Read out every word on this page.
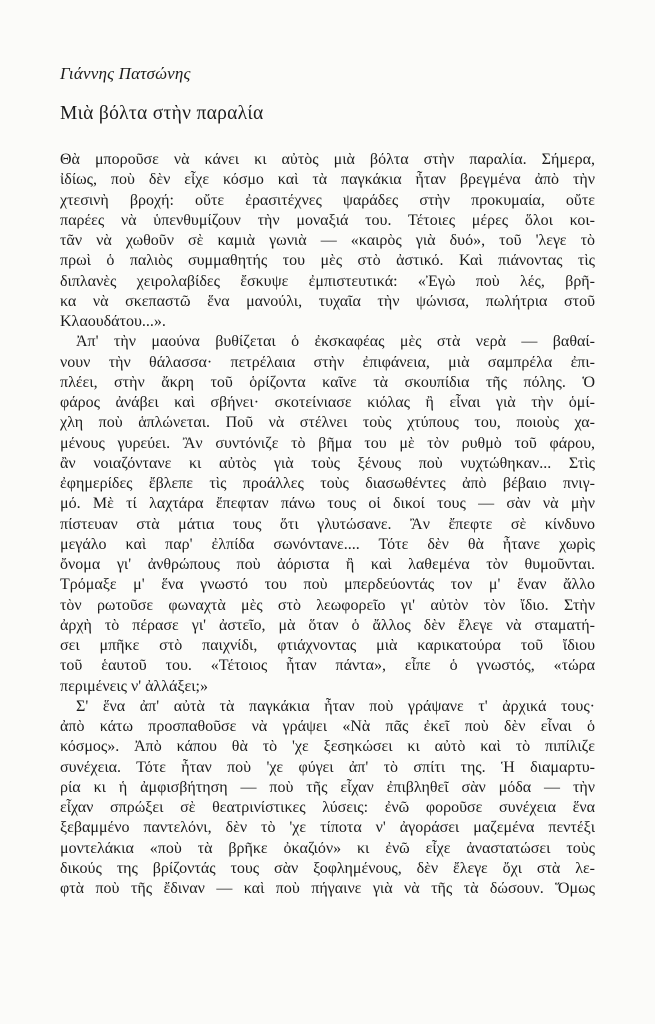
Γιάννης Πατσώνης
Μιὰ βόλτα στὴν παραλία
Θὰ μποροῦσε νὰ κάνει κι αὐτὸς μιὰ βόλτα στὴν παραλία. Σήμερα,
ἰδίως, ποὺ δὲν εἶχε κόσμο καὶ τὰ παγκάκια ἦταν βρεγμένα ἀπὸ τὴν
χτεσινὴ βροχή: οὔτε ἐρασιτέχνες ψαράδες στὴν προκυμαία, οὔτε
παρέες νὰ ὑπενθυμίζουν τὴν μοναξιά του. Τέτοιες μέρες ὅλοι κοι-
τᾶν νὰ χωθοῦν σὲ καμιὰ γωνιὰ — «καιρὸς γιὰ δυό», τοῦ 'λεγε τὸ
πρωὶ ὁ παλιὸς συμμαθητής του μὲς στὸ ἀστικό. Καὶ πιάνοντας τὶς
διπλανὲς χειρολαβίδες ἔσκυψε ἐμπιστευτικά: «Ἐγὼ ποὺ λές, βρῆ-
κα νὰ σκεπαστῶ ἕνα μανούλι, τυχαῖα τὴν ψώνισα, πωλήτρια στοῦ
Κλαουδάτου...».
Ἀπ' τὴν μαούνα βυθίζεται ὁ ἐκσκαφέας μὲς στὰ νερὰ — βαθαί-
νουν τὴν θάλασσα· πετρέλαια στὴν ἐπιφάνεια, μιὰ σαμπρέλα ἐπι-
πλέει, στὴν ἄκρη τοῦ ὁρίζοντα καῖνε τὰ σκουπίδια τῆς πόλης. Ὁ
φάρος ἀνάβει καὶ σβήνει· σκοτείνιασε κιόλας ἢ εἶναι γιὰ τὴν ὁμί-
χλη ποὺ ἁπλώνεται. Ποῦ νὰ στέλνει τοὺς χτύπους του, ποιοὺς χα-
μένους γυρεύει. Ἂν συντόνιζε τὸ βῆμα του μὲ τὸν ρυθμὸ τοῦ φάρου,
ἂν νοιαζόντανε κι αὐτὸς γιὰ τοὺς ξένους ποὺ νυχτώθηκαν... Στὶς
ἐφημερίδες ἔβλεπε τὶς προάλλες τοὺς διασωθέντες ἀπὸ βέβαιο πνιγ-
μό. Μὲ τί λαχτάρα ἔπεφταν πάνω τους οἱ δικοί τους — σὰν νὰ μὴν
πίστευαν στὰ μάτια τους ὅτι γλυτώσανε. Ἂν ἔπεφτε σὲ κίνδυνο
μεγάλο καὶ παρ' ἐλπίδα σωνόντανε.... Τότε δὲν θὰ ἦτανε χωρὶς
ὄνομα γι' ἀνθρώπους ποὺ ἀόριστα ἢ καὶ λαθεμένα τὸν θυμοῦνται.
Τρόμαξε μ' ἕνα γνωστό του ποὺ μπερδεύοντάς τον μ' ἕναν ἄλλο
τὸν ρωτοῦσε φωναχτὰ μὲς στὸ λεωφορεῖο γι' αὐτὸν τὸν ἴδιο. Στὴν
ἀρχὴ τὸ πέρασε γι' ἀστεῖο, μὰ ὅταν ὁ ἄλλος δὲν ἔλεγε νὰ σταματή-
σει μπῆκε στὸ παιχνίδι, φτιάχνοντας μιὰ καρικατούρα τοῦ ἴδιου
τοῦ ἑαυτοῦ του. «Τέτοιος ἦταν πάντα», εἶπε ὁ γνωστός, «τώρα
περιμένεις ν' ἀλλάξει;»
Σ' ἕνα ἀπ' αὐτὰ τὰ παγκάκια ἦταν ποὺ γράψανε τ' ἀρχικά τους·
ἀπὸ κάτω προσπαθοῦσε νὰ γράψει «Νὰ πᾶς ἐκεῖ ποὺ δὲν εἶναι ὁ
κόσμος». Ἀπὸ κάπου θὰ τὸ 'χε ξεσηκώσει κι αὐτὸ καὶ τὸ πιπίλιζε
συνέχεια. Τότε ἦταν ποὺ 'χε φύγει ἀπ' τὸ σπίτι της. Ἡ διαμαρτυ-
ρία κι ἡ ἀμφισβήτηση — ποὺ τῆς εἶχαν ἐπιβληθεῖ σὰν μόδα — τὴν
εἶχαν σπρώξει σὲ θεατρινίστικες λύσεις: ἐνῶ φοροῦσε συνέχεια ἕνα
ξεβαμμένο παντελόνι, δὲν τὸ 'χε τίποτα ν' ἀγοράσει μαζεμένα πεντέξι
μοντελάκια «ποὺ τὰ βρῆκε ὀκαζιόν» κι ἐνῶ εἶχε ἀναστατώσει τοὺς
δικούς της βρίζοντάς τους σὰν ξοφλημένους, δὲν ἔλεγε ὄχι στὰ λε-
φτὰ ποὺ τῆς ἔδιναν — καὶ ποὺ πήγαινε γιὰ νὰ τῆς τὰ δώσουν. Ὅμως
